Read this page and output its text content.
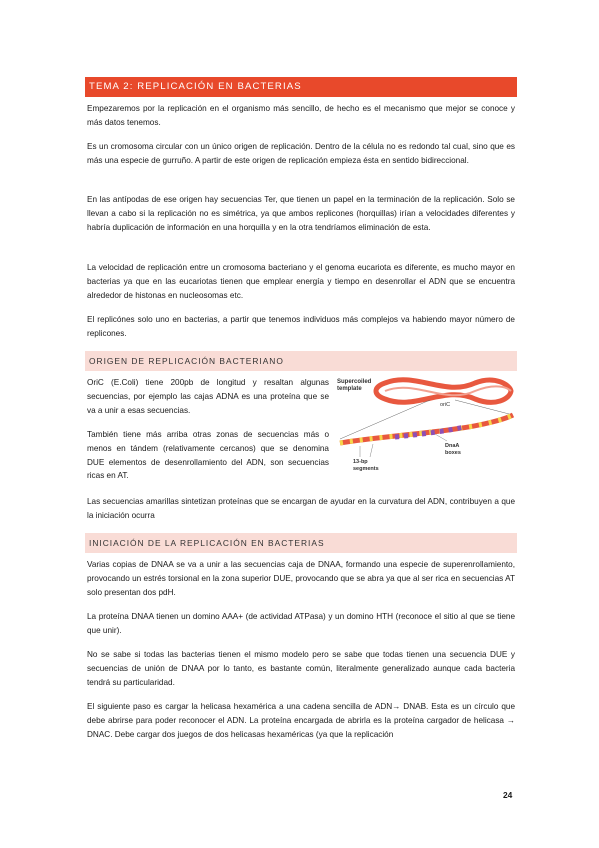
TEMA 2: REPLICACIÓN EN BACTERIAS

Empezaremos por la replicación en el organismo más sencillo, de hecho es el mecanismo que mejor se conoce y más datos tenemos.

Es un cromosoma circular con un único origen de replicación. Dentro de la célula no es redondo tal cual, sino que es más una especie de gurruño. A partir de este origen de replicación empieza ésta en sentido bidireccional.

En las antípodas de ese origen hay secuencias Ter, que tienen un papel en la terminación de la replicación. Solo se llevan a cabo si la replicación no es simétrica, ya que ambos replicones (horquillas) irían a velocidades diferentes y habría duplicación de información en una horquilla y en la otra tendríamos eliminación de esta.

La velocidad de replicación entre un cromosoma bacteriano y el genoma eucariota es diferente, es mucho mayor en bacterias ya que en las eucariotas tienen que emplear energía y tiempo en desenrollar el ADN que se encuentra alrededor de histonas en nucleosomas etc.

El replicónes solo uno en bacterias, a partir que tenemos individuos más complejos va habiendo mayor número de replicones.

ORIGEN DE REPLICACIÓN BACTERIANO

OriC (E.Coli) tiene 200pb de longitud y resaltan algunas secuencias, por ejemplo las cajas ADNA es una proteína que se va a unir a esas secuencias.

También tiene más arriba otras zonas de secuencias más o menos en tándem (relativamente cercanos) que se denomina DUE elementos de desenrollamiento del ADN, son secuencias ricas en AT.

Las secuencias amarillas sintetizan proteínas que se encargan de ayudar en la curvatura del ADN, contribuyen a que la iniciación ocurra

Supercoiled template
oriC
13-bp segments
DnaA boxes
INICIACIÓN DE LA REPLICACIÓN EN BACTERIAS

Varias copias de DNAA se va a unir a las secuencias caja de DNAA, formando una especie de superenrollamiento, provocando un estrés torsional en la zona superior DUE, provocando que se abra ya que al ser rica en secuencias AT solo presentan dos pdH.

La proteína DNAA tienen un domino AAA+ (de actividad ATPasa) y un domino HTH (reconoce el sitio al que se tiene que unir).

No se sabe si todas las bacterias tienen el mismo modelo pero se sabe que todas tienen una secuencia DUE y secuencias de unión de DNAA por lo tanto, es bastante común, literalmente generalizado aunque cada bacteria tendrá su particularidad.

El siguiente paso es cargar la helicasa hexamérica a una cadena sencilla de ADN→ DNAB. Esta es un círculo que debe abrirse para poder reconocer el ADN. La proteína encargada de abrirla es la proteína cargador de helicasa → DNAC. Debe cargar dos juegos de dos helicasas hexaméricas (ya que la replicación

24
